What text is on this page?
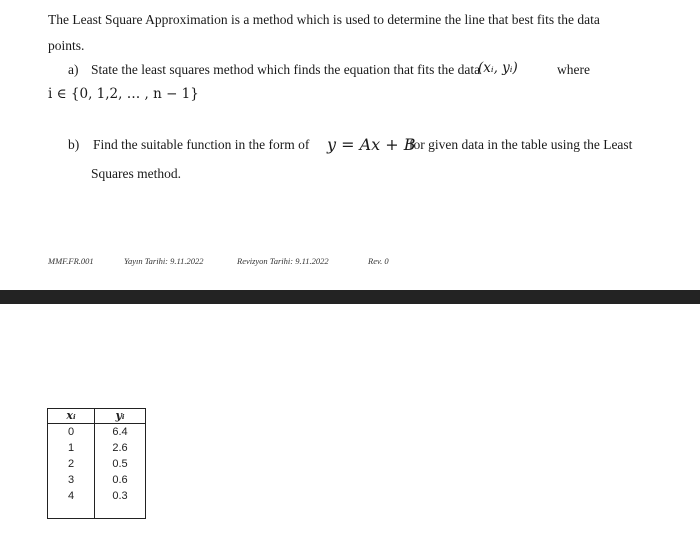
The Least Square Approximation is a method which is used to determine the line that best fits the data
points.
a) State the least squares method which finds the equation that fits the data
(xᵢ, yᵢ)	where
i ∈ {0, 1,2, … , n − 1}
b) Find the suitable function in the form of y = Ax + B
for given data in the table using the Least
Squares method.
MMF.FR.001	Yayın Tarihi: 9.11.2022	Revizyon Tarihi: 9.11.2022	Rev. 0
xᵢ	yᵢ
0	6.4
1	2.6
2	0.5
3	0.6
4	0.3
